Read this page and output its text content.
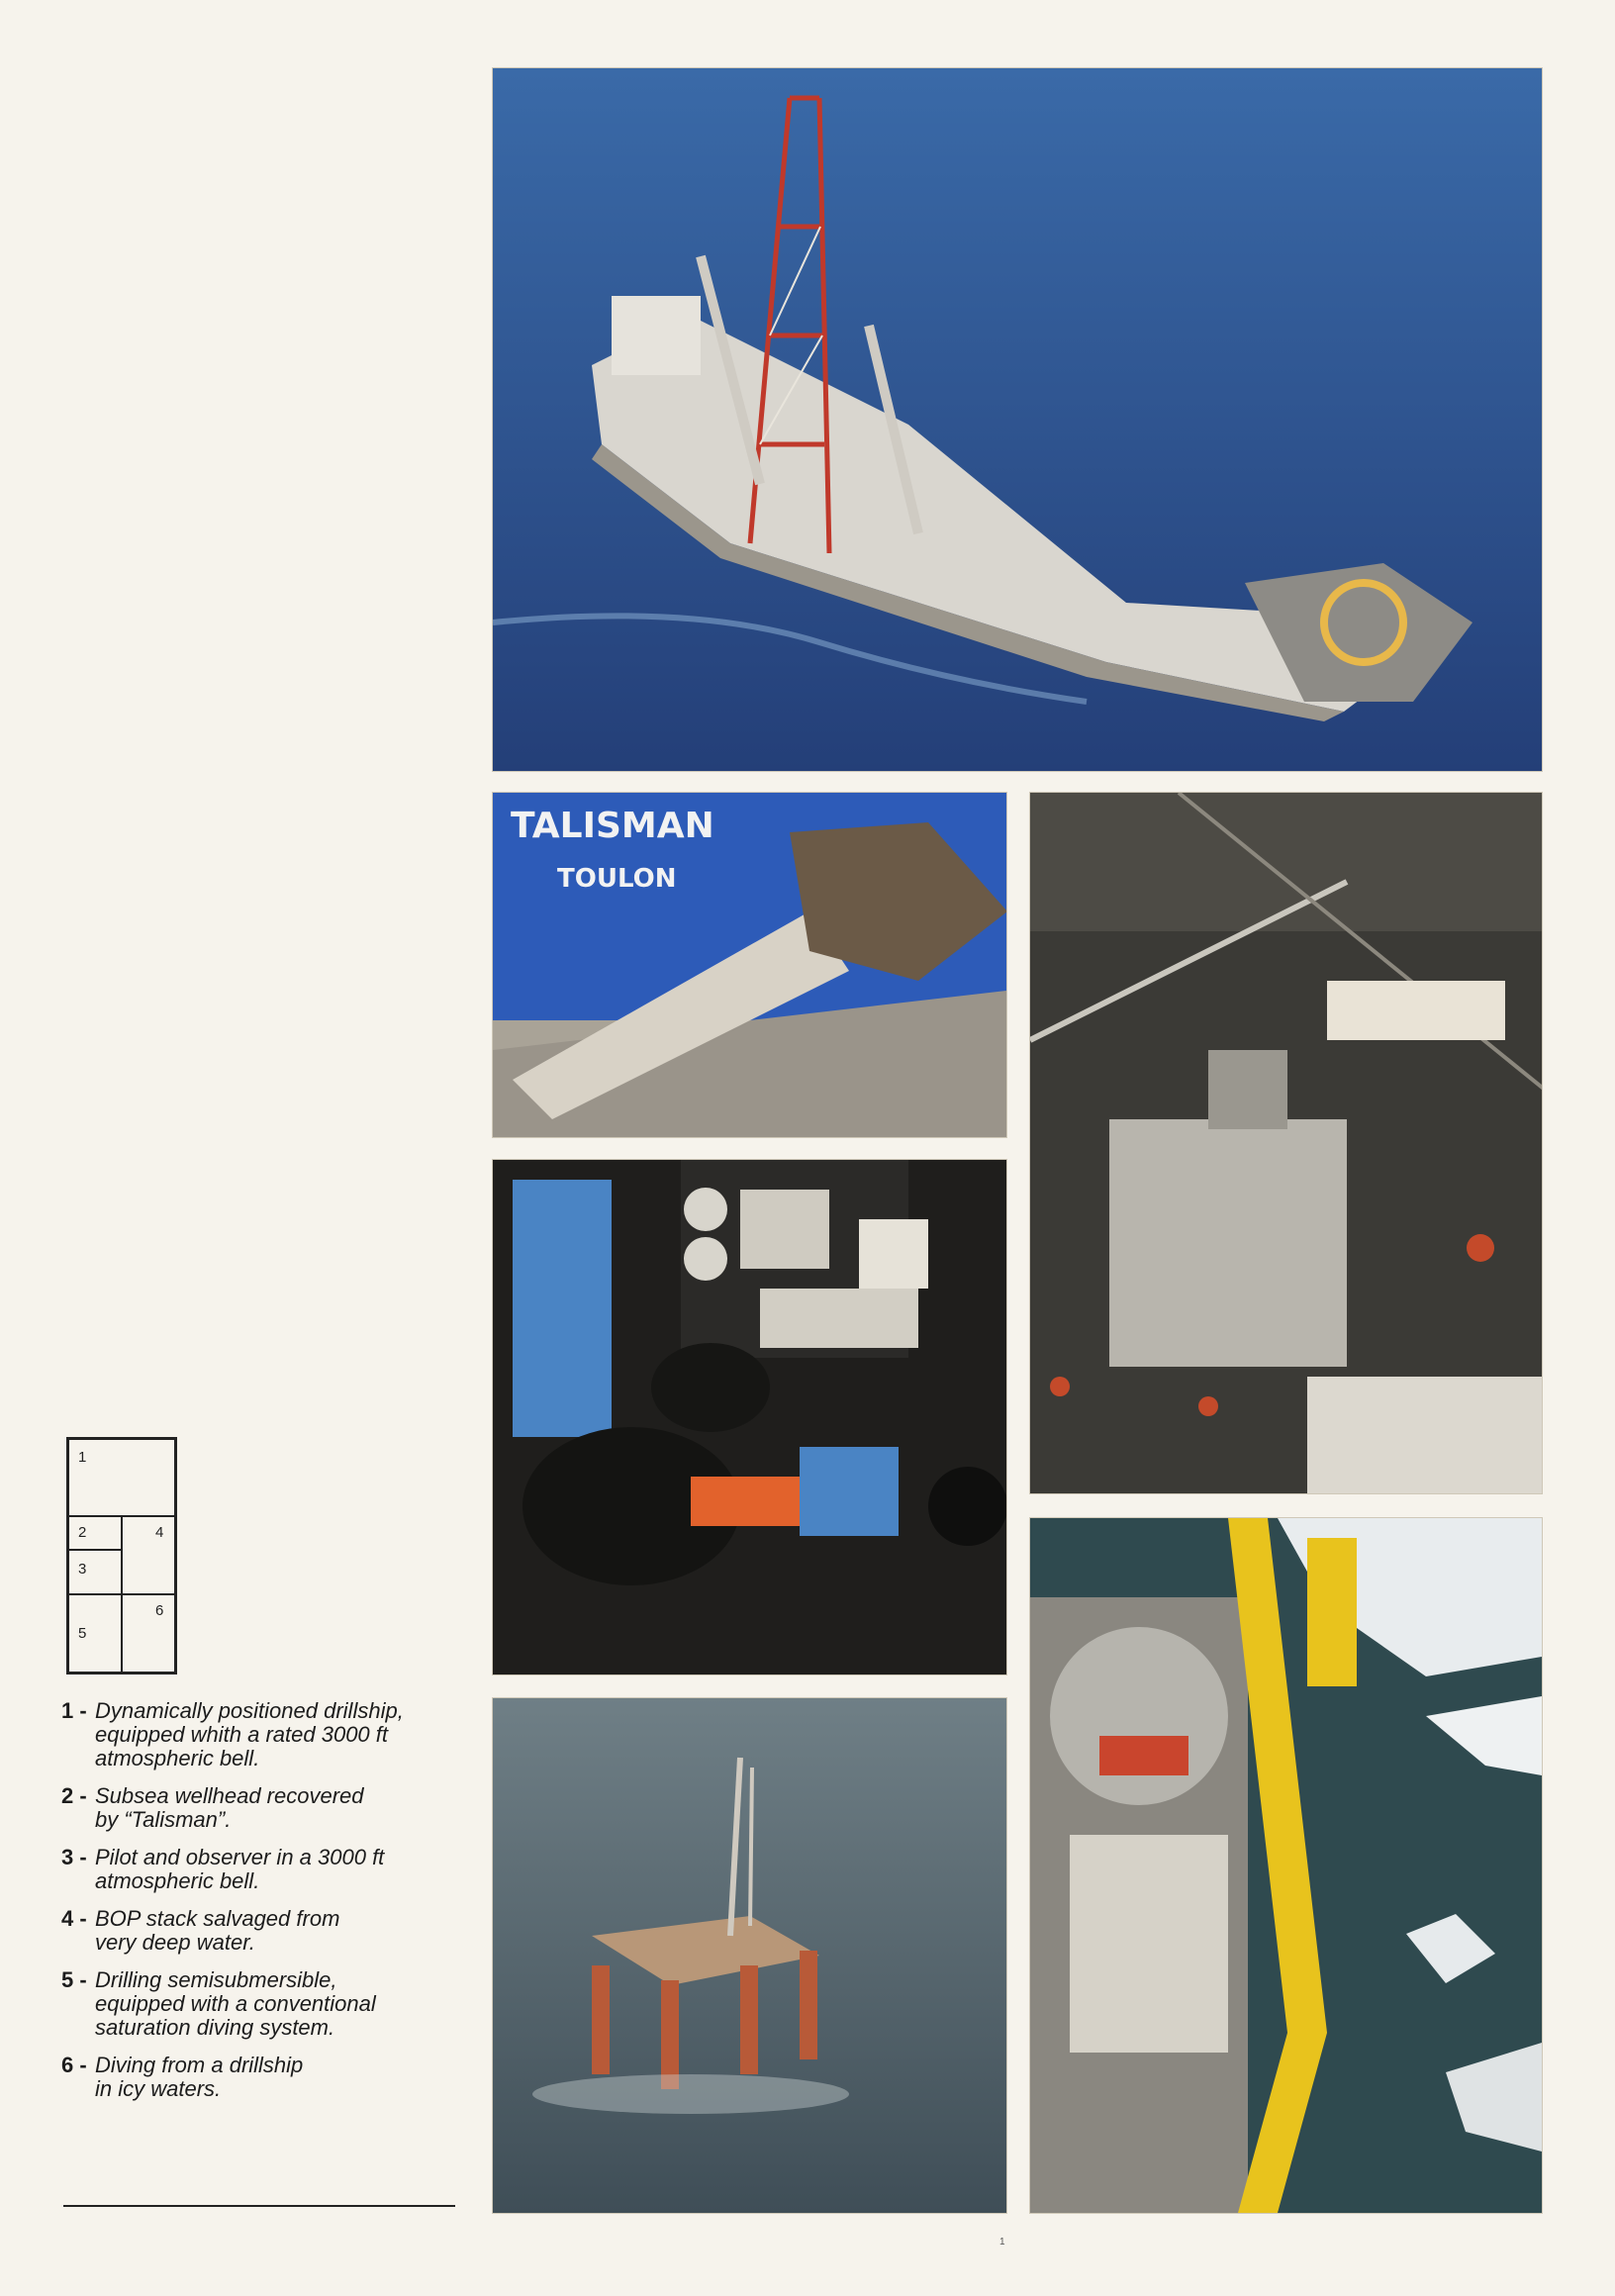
TALISMAN
TOULON
1
2
3
4
5
6
1 - Dynamically positioned drillship,
equipped whith a rated 3000 ft
atmospheric bell.
2 - Subsea wellhead recovered
by “Talisman”.
3 - Pilot and observer in a 3000 ft
atmospheric bell.
4 - BOP stack salvaged from
very deep water.
5 - Drilling semisubmersible,
equipped with a conventional
saturation diving system.
6 - Diving from a drillship
in icy waters.
1
